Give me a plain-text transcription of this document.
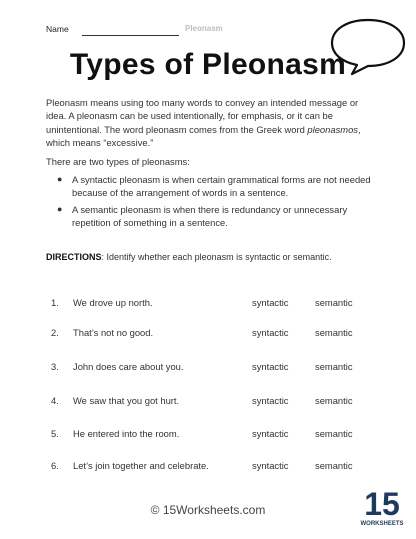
Name	Pleonasm
Types of Pleonasm
Pleonasm means using too many words to convey an intended message or idea. A pleonasm can be used intentionally, for emphasis, or it can be unintentional. The word pleonasm comes from the Greek word pleonasmos, which means “excessive.”
There are two types of pleonasms:
● A syntactic pleonasm is when certain grammatical forms are not needed because of the arrangement of words in a sentence.
● A semantic pleonasm is when there is redundancy or unnecessary repetition of something in a sentence.
DIRECTIONS: Identify whether each pleonasm is syntactic or semantic.
1. We drove up north.	syntactic	semantic
2. That’s not no good.	syntactic	semantic
3. John does care about you.	syntactic	semantic
4. We saw that you got hurt.	syntactic	semantic
5. He entered into the room.	syntactic	semantic
6. Let’s join together and celebrate.	syntactic	semantic
© 15Worksheets.com	15
WORKSHEETS
